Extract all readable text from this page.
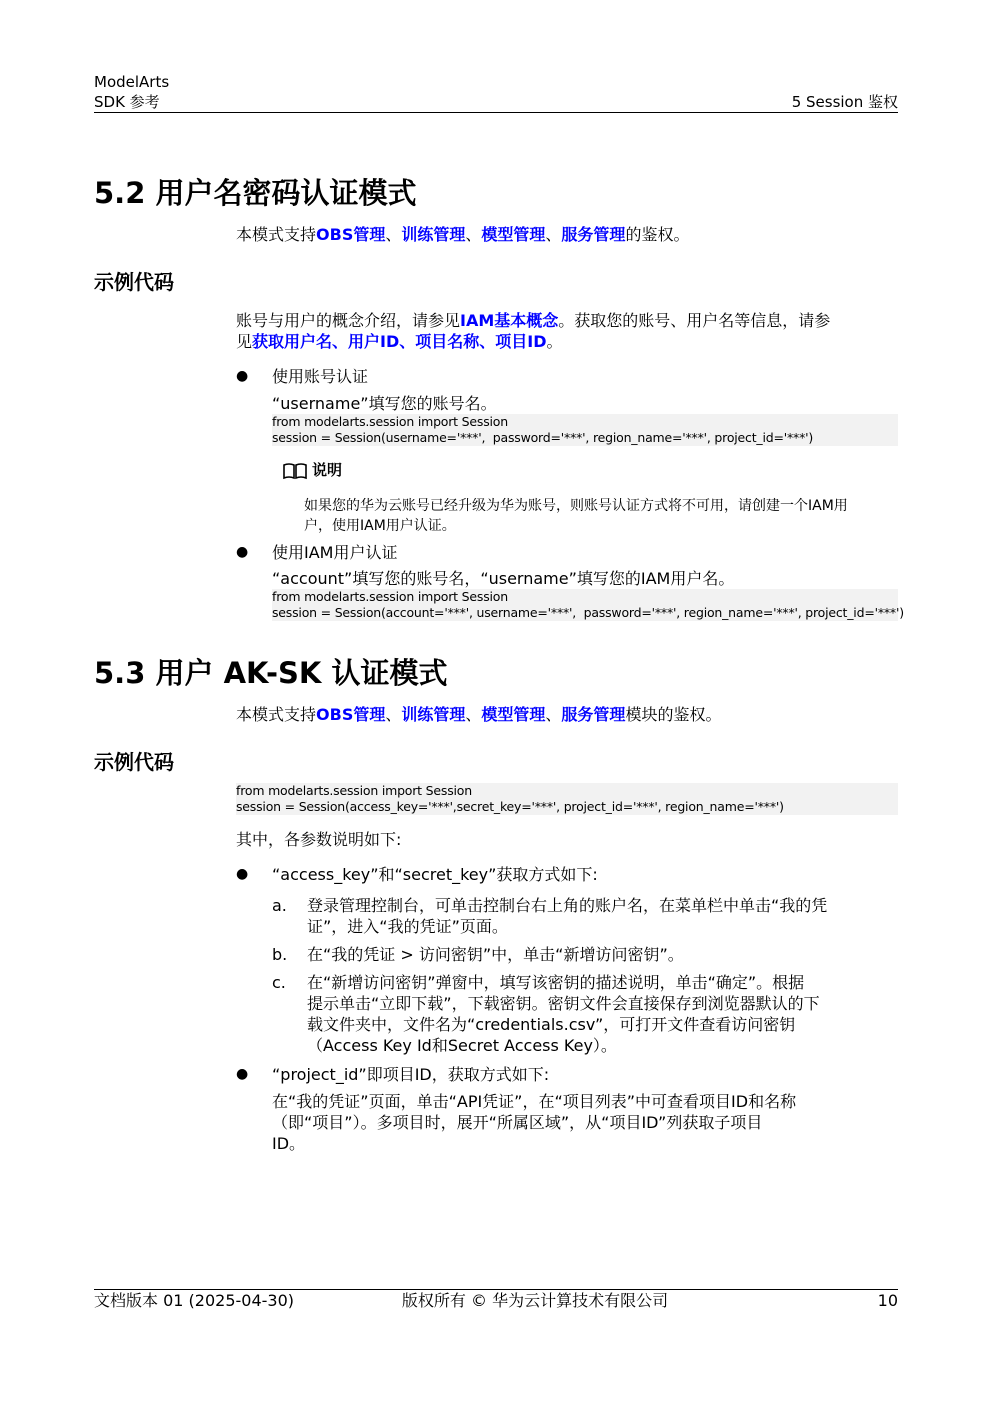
ModelArts
SDK 参考	5 Session 鉴权
5.2 用户名密码认证模式
本模式支持OBS管理、训练管理、模型管理、服务管理的鉴权。
示例代码
账号与用户的概念介绍，请参见IAM基本概念。获取您的账号、用户名等信息，请参
见获取用户名、用户ID、项目名称、项目ID。
● 使用账号认证
“username”填写您的账号名。
from modelarts.session import Session
session = Session(username='***',  password='***', region_name='***', project_id='***')
说明
如果您的华为云账号已经升级为华为账号，则账号认证方式将不可用，请创建一个IAM用
户，使用IAM用户认证。
● 使用IAM用户认证
“account”填写您的账号名，“username”填写您的IAM用户名。
from modelarts.session import Session
session = Session(account='***', username='***',  password='***', region_name='***', project_id='***')
5.3 用户 AK-SK 认证模式
本模式支持OBS管理、训练管理、模型管理、服务管理模块的鉴权。
示例代码
from modelarts.session import Session
session = Session(access_key='***',secret_key='***', project_id='***', region_name='***')
其中，各参数说明如下:
● “access_key”和“secret_key”获取方式如下:
a. 登录管理控制台，可单击控制台右上角的账户名，在菜单栏中单击“我的凭
证”，进入“我的凭证”页面。
b. 在“我的凭证 > 访问密钥”中，单击“新增访问密钥”。
c. 在“新增访问密钥”弹窗中，填写该密钥的描述说明，单击“确定”。根据
提示单击“立即下载”，下载密钥。密钥文件会直接保存到浏览器默认的下
载文件夹中，文件名为“credentials.csv”，可打开文件查看访问密钥
（Access Key Id和Secret Access Key）。
● “project_id”即项目ID，获取方式如下:
在“我的凭证”页面，单击“API凭证”，在“项目列表”中可查看项目ID和名称
（即“项目”）。多项目时，展开“所属区域”，从“项目ID”列获取子项目
ID。
文档版本 01 (2025-04-30)	版权所有 © 华为云计算技术有限公司	10
